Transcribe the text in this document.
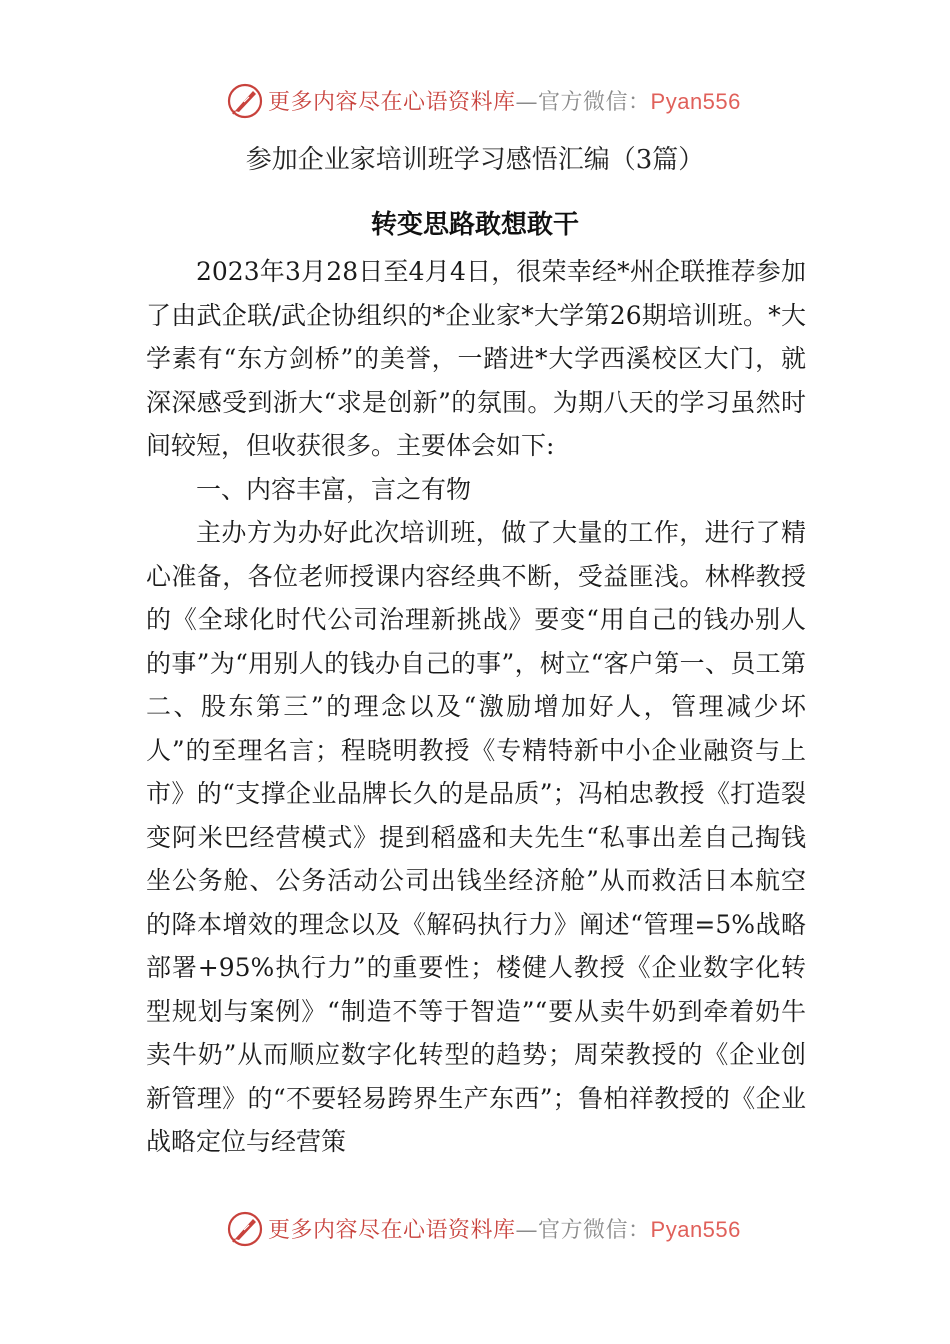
更多内容尽在心语资料库—官方微信：Pyan556
参加企业家培训班学习感悟汇编（3篇）
转变思路敢想敢干

2023年3月28日至4月4日，很荣幸经*州企联推荐参加了由武企联/武企协组织的*企业家*大学第26期培训班。*大学素有“东方剑桥”的美誉，一踏进*大学西溪校区大门，就深深感受到浙大“求是创新”的氛围。为期八天的学习虽然时间较短，但收获很多。主要体会如下:

一、内容丰富，言之有物

主办方为办好此次培训班，做了大量的工作，进行了精心准备，各位老师授课内容经典不断，受益匪浅。林桦教授的《全球化时代公司治理新挑战》要变“用自己的钱办别人的事”为“用别人的钱办自己的事”，树立“客户第一、员工第二、股东第三”的理念以及“激励增加好人，管理减少坏人”的至理名言；程晓明教授《专精特新中小企业融资与上市》的“支撑企业品牌长久的是品质”；冯柏忠教授《打造裂变阿米巴经营模式》提到稻盛和夫先生“私事出差自己掏钱坐公务舱、公务活动公司出钱坐经济舱”从而救活日本航空的降本增效的理念以及《解码执行力》阐述“管理=5%战略部署+95%执行力”的重要性；楼健人教授《企业数字化转型规划与案例》“制造不等于智造”“要从卖牛奶到牵着奶牛卖牛奶”从而顺应数字化转型的趋势；周荣教授的《企业创新管理》的“不要轻易跨界生产东西”；鲁柏祥教授的《企业战略定位与经营策

更多内容尽在心语资料库—官方微信：Pyan556
